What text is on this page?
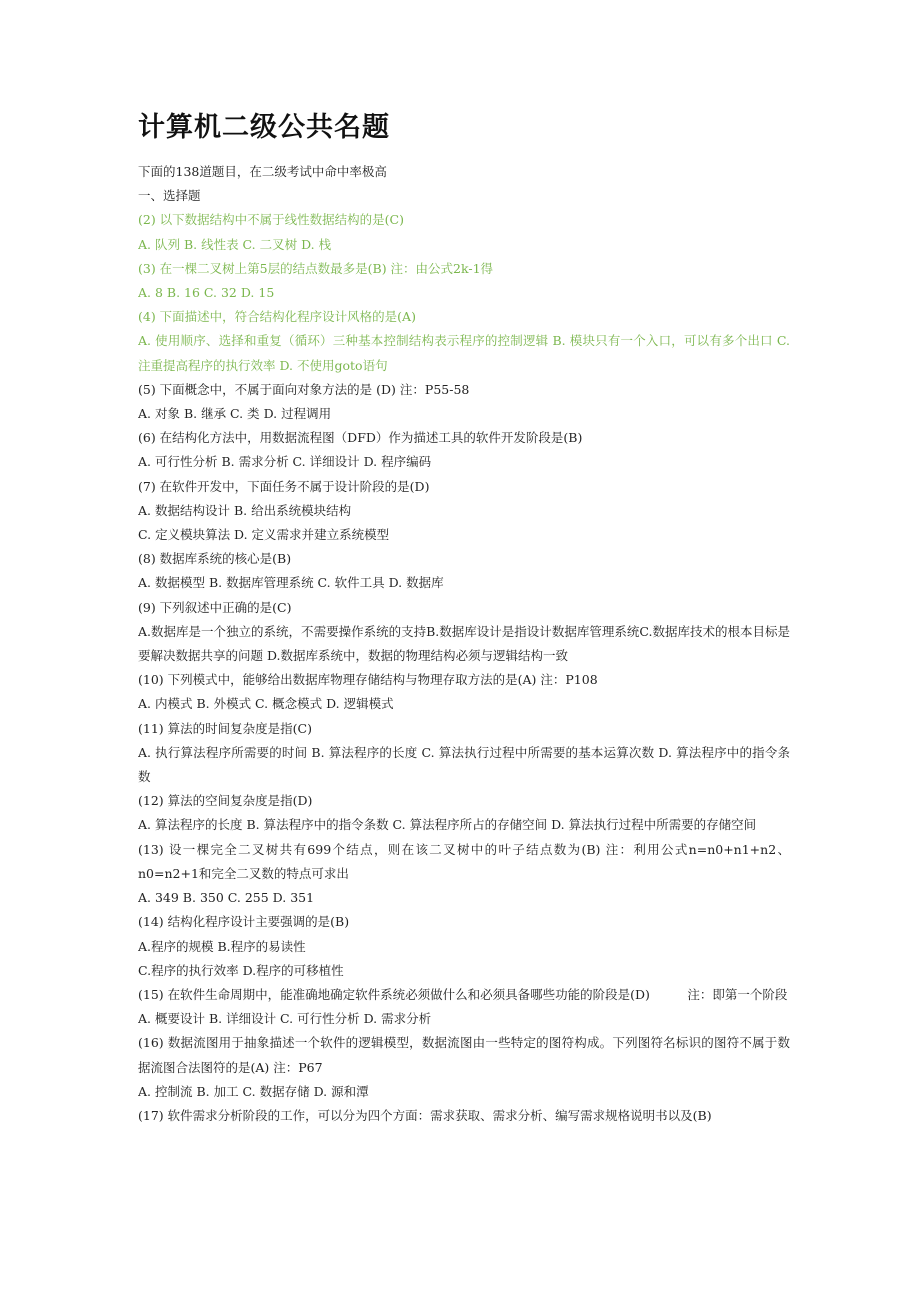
计算机二级公共名题

下面的138道题目，在二级考试中命中率极高

一、选择题

(2) 以下数据结构中不属于线性数据结构的是(C)

A. 队列 B. 线性表 C. 二叉树 D. 栈

(3) 在一棵二叉树上第5层的结点数最多是(B) 注：由公式2k-1得

A. 8 B. 16 C. 32 D. 15

(4) 下面描述中，符合结构化程序设计风格的是(A)

A. 使用顺序、选择和重复（循环）三种基本控制结构表示程序的控制逻辑 B. 模块只有一个入口，可以有多个出口 C. 注重提高程序的执行效率 D. 不使用goto语句

(5) 下面概念中，不属于面向对象方法的是 (D) 注：P55-58

A. 对象 B. 继承 C. 类 D. 过程调用

(6) 在结构化方法中，用数据流程图（DFD）作为描述工具的软件开发阶段是(B)

A. 可行性分析 B. 需求分析 C. 详细设计 D. 程序编码

(7) 在软件开发中，下面任务不属于设计阶段的是(D)

A. 数据结构设计 B. 给出系统模块结构

C. 定义模块算法 D. 定义需求并建立系统模型

(8) 数据库系统的核心是(B)

A. 数据模型 B. 数据库管理系统 C. 软件工具 D. 数据库

(9) 下列叙述中正确的是(C)

A.数据库是一个独立的系统，不需要操作系统的支持B.数据库设计是指设计数据库管理系统C.数据库技术的根本目标是要解决数据共享的问题 D.数据库系统中，数据的物理结构必须与逻辑结构一致

(10) 下列模式中，能够给出数据库物理存储结构与物理存取方法的是(A) 注：P108

A. 内模式 B. 外模式 C. 概念模式 D. 逻辑模式

(11) 算法的时间复杂度是指(C)

A. 执行算法程序所需要的时间 B. 算法程序的长度 C. 算法执行过程中所需要的基本运算次数 D. 算法程序中的指令条数

(12) 算法的空间复杂度是指(D)

A. 算法程序的长度 B. 算法程序中的指令条数 C. 算法程序所占的存储空间 D. 算法执行过程中所需要的存储空间

(13) 设一棵完全二叉树共有699个结点，则在该二叉树中的叶子结点数为(B) 注：利用公式n=n0+n1+n2、n0=n2+1和完全二叉数的特点可求出

A. 349 B. 350 C. 255 D. 351

(14) 结构化程序设计主要强调的是(B)

A.程序的规模 B.程序的易读性

C.程序的执行效率 D.程序的可移植性

(15) 在软件生命周期中，能准确地确定软件系统必须做什么和必须具备哪些功能的阶段是(D)　　　注：即第一个阶段

A. 概要设计 B. 详细设计 C. 可行性分析 D. 需求分析

(16) 数据流图用于抽象描述一个软件的逻辑模型，数据流图由一些特定的图符构成。下列图符名标识的图符不属于数据流图合法图符的是(A) 注：P67

A. 控制流 B. 加工 C. 数据存储 D. 源和潭

(17) 软件需求分析阶段的工作，可以分为四个方面：需求获取、需求分析、编写需求规格说明书以及(B)
